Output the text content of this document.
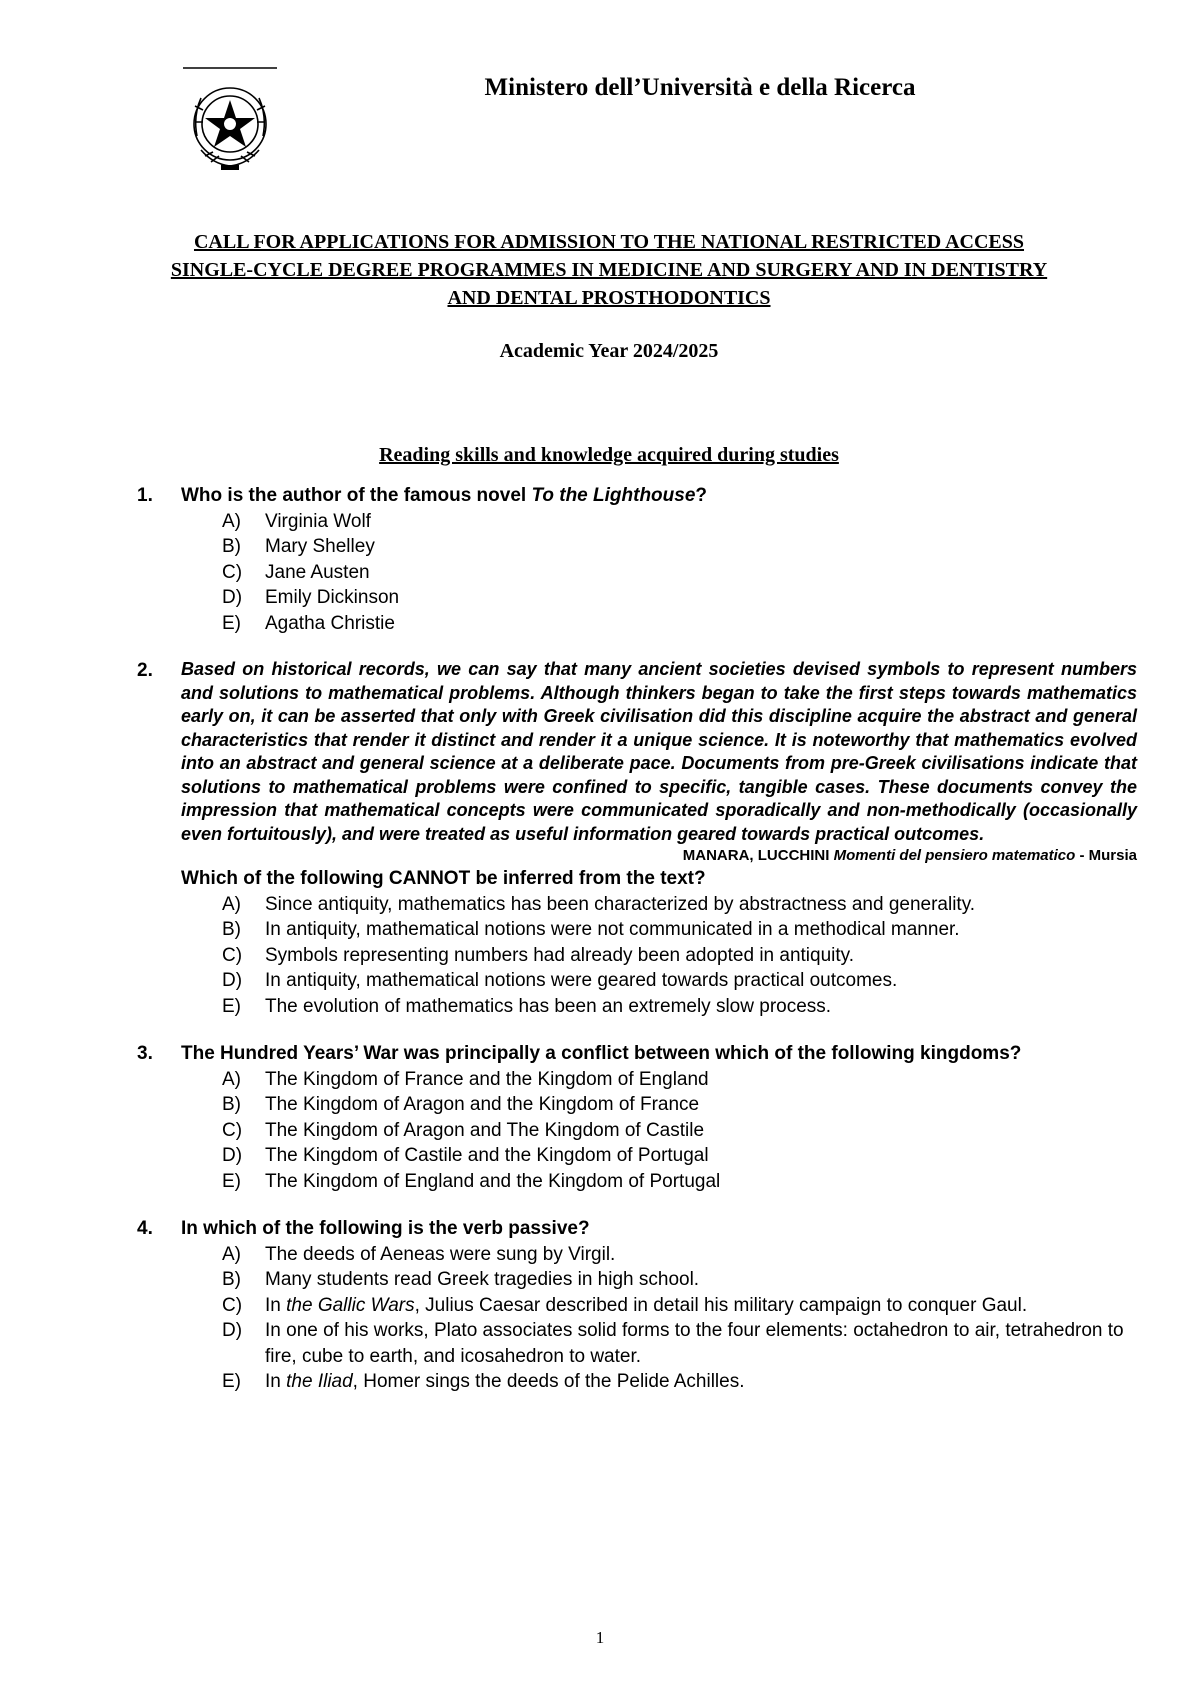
Ministero dell’Università e della Ricerca
CALL FOR APPLICATIONS FOR ADMISSION TO THE NATIONAL RESTRICTED ACCESS
SINGLE-CYCLE DEGREE PROGRAMMES IN MEDICINE AND SURGERY AND IN DENTISTRY
AND DENTAL PROSTHODONTICS
Academic Year 2024/2025
Reading skills and knowledge acquired during studies
1. Who is the author of the famous novel To the Lighthouse?
A) Virginia Wolf
B) Mary Shelley
C) Jane Austen
D) Emily Dickinson
E) Agatha Christie
2. Based on historical records, we can say that many ancient societies devised symbols to represent numbers and solutions to mathematical problems. Although thinkers began to take the first steps towards mathematics early on, it can be asserted that only with Greek civilisation did this discipline acquire the abstract and general characteristics that render it distinct and render it a unique science. It is noteworthy that mathematics evolved into an abstract and general science at a deliberate pace. Documents from pre-Greek civilisations indicate that solutions to mathematical problems were confined to specific, tangible cases. These documents convey the impression that mathematical concepts were communicated sporadically and non-methodically (occasionally even fortuitously), and were treated as useful information geared towards practical outcomes.
MANARA, LUCCHINI Momenti del pensiero matematico - Mursia
Which of the following CANNOT be inferred from the text?
A) Since antiquity, mathematics has been characterized by abstractness and generality.
B) In antiquity, mathematical notions were not communicated in a methodical manner.
C) Symbols representing numbers had already been adopted in antiquity.
D) In antiquity, mathematical notions were geared towards practical outcomes.
E) The evolution of mathematics has been an extremely slow process.
3. The Hundred Years’ War was principally a conflict between which of the following kingdoms?
A) The Kingdom of France and the Kingdom of England
B) The Kingdom of Aragon and the Kingdom of France
C) The Kingdom of Aragon and The Kingdom of Castile
D) The Kingdom of Castile and the Kingdom of Portugal
E) The Kingdom of England and the Kingdom of Portugal
4. In which of the following is the verb passive?
A) The deeds of Aeneas were sung by Virgil.
B) Many students read Greek tragedies in high school.
C) In the Gallic Wars, Julius Caesar described in detail his military campaign to conquer Gaul.
D) In one of his works, Plato associates solid forms to the four elements: octahedron to air, tetrahedron to fire, cube to earth, and icosahedron to water.
E) In the Iliad, Homer sings the deeds of the Pelide Achilles.
1
